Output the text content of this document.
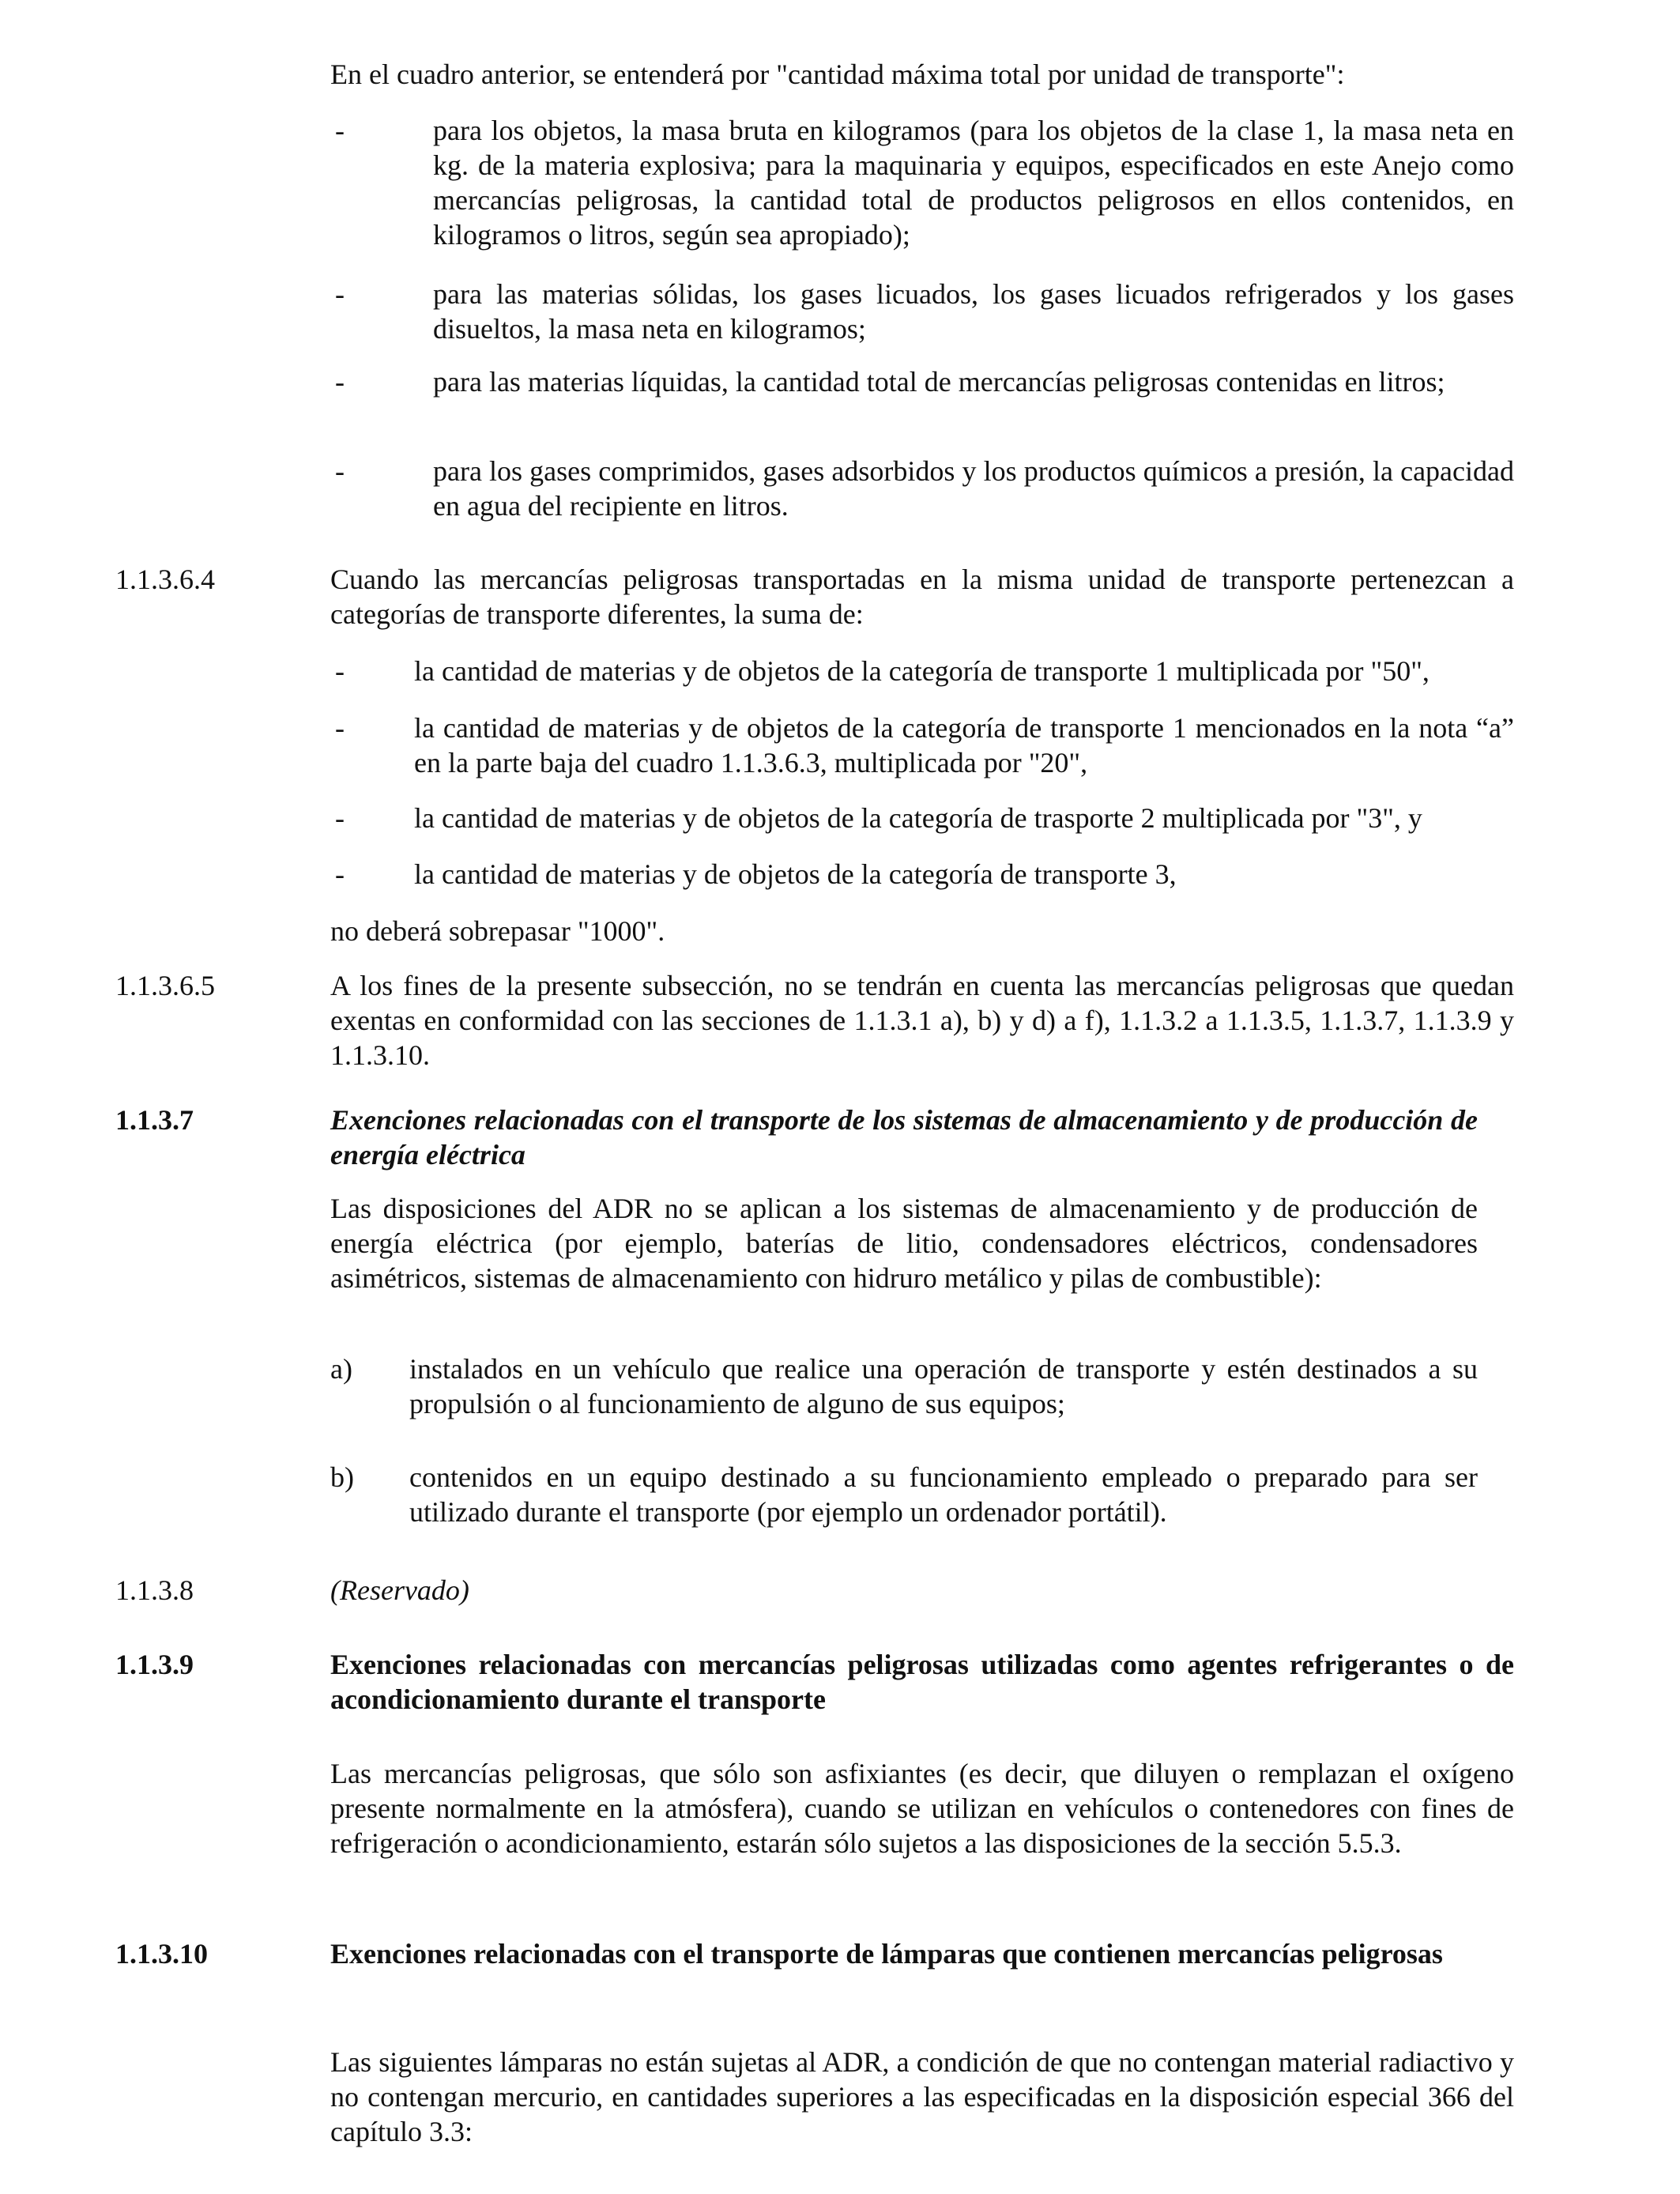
En el cuadro anterior, se entenderá por "cantidad máxima total por unidad de transporte":

-	para los objetos, la masa bruta en kilogramos (para los objetos de la clase 1, la masa neta en kg. de la materia explosiva; para la maquinaria y equipos, especificados en este Anejo como mercancías peligrosas, la cantidad total de productos peligrosos en ellos contenidos, en kilogramos o litros, según sea apropiado);

-	para las materias sólidas, los gases licuados, los gases licuados refrigerados y los gases disueltos, la masa neta en kilogramos;

-	para las materias líquidas, la cantidad total de mercancías peligrosas contenidas en litros;

-	para los gases comprimidos, gases adsorbidos y los productos químicos a presión, la capacidad en agua del recipiente en litros.

1.1.3.6.4	Cuando las mercancías peligrosas transportadas en la misma unidad de transporte pertenezcan a categorías de transporte diferentes, la suma de:

- la cantidad de materias y de objetos de la categoría de transporte 1 multiplicada por "50",

- la cantidad de materias y de objetos de la categoría de transporte 1 mencionados en la nota “a” en la parte baja del cuadro 1.1.3.6.3, multiplicada por "20",

- la cantidad de materias y de objetos de la categoría de trasporte 2 multiplicada por "3", y

- la cantidad de materias y de objetos de la categoría de transporte 3,

no deberá sobrepasar "1000".

1.1.3.6.5	A los fines de la presente subsección, no se tendrán en cuenta las mercancías peligrosas que quedan exentas en conformidad con las secciones de 1.1.3.1 a), b) y d) a f), 1.1.3.2 a 1.1.3.5, 1.1.3.7, 1.1.3.9 y 1.1.3.10.

1.1.3.7	Exenciones relacionadas con el transporte de los sistemas de almacenamiento y de producción de energía eléctrica

Las disposiciones del ADR no se aplican a los sistemas de almacenamiento y de producción de energía eléctrica (por ejemplo, baterías de litio, condensadores eléctricos, condensadores asimétricos, sistemas de almacenamiento con hidruro metálico y pilas de combustible):

a) instalados en un vehículo que realice una operación de transporte y estén destinados a su propulsión o al funcionamiento de alguno de sus equipos;

b) contenidos en un equipo destinado a su funcionamiento empleado o preparado para ser utilizado durante el transporte (por ejemplo un ordenador portátil).

1.1.3.8	(Reservado)

1.1.3.9	Exenciones relacionadas con mercancías peligrosas utilizadas como agentes refrigerantes o de acondicionamiento durante el transporte

Las mercancías peligrosas, que sólo son asfixiantes (es decir, que diluyen o remplazan el oxígeno presente normalmente en la atmósfera), cuando se utilizan en vehículos o contenedores con fines de refrigeración o acondicionamiento, estarán sólo sujetos a las disposiciones de la sección 5.5.3.

1.1.3.10	Exenciones relacionadas con el transporte de lámparas que contienen mercancías peligrosas

Las siguientes lámparas no están sujetas al ADR, a condición de que no contengan material radiactivo y no contengan mercurio, en cantidades superiores a las especificadas en la disposición especial 366 del capítulo 3.3:
